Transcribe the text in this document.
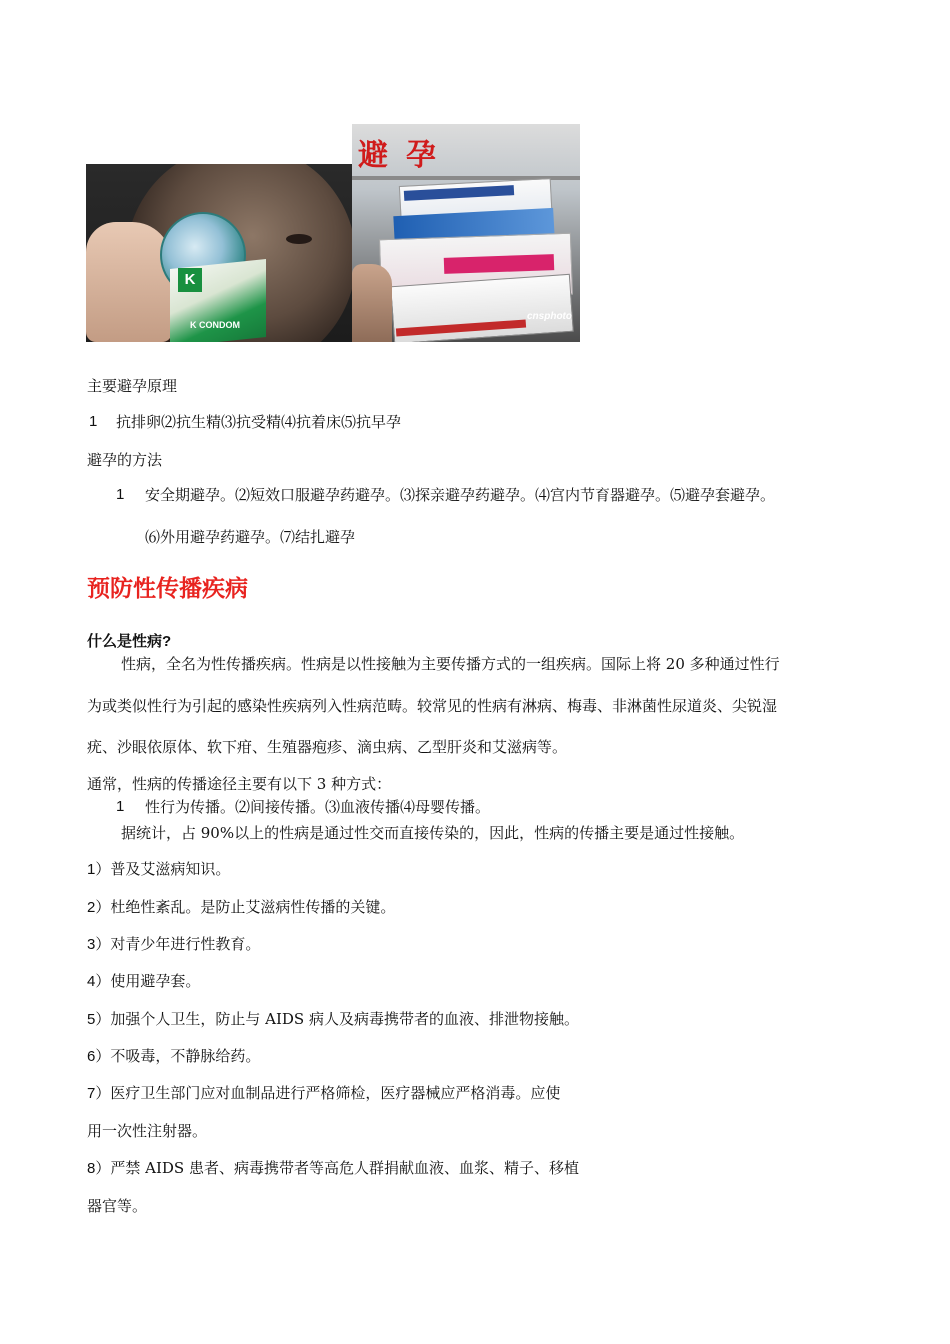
K
K CONDOM
避孕
cnsphoto
主要避孕原理
1 抗排卵⑵抗生精⑶抗受精⑷抗着床⑸抗早孕
避孕的方法
1 安全期避孕。⑵短效口服避孕药避孕。⑶探亲避孕药避孕。⑷宫内节育器避孕。⑸避孕套避孕。
⑹外用避孕药避孕。⑺结扎避孕
预防性传播疾病
什么是性病?
性病，全名为性传播疾病。性病是以性接触为主要传播方式的一组疾病。国际上将 20 多种通过性行
为或类似性行为引起的感染性疾病列入性病范畴。较常见的性病有淋病、梅毒、非淋菌性尿道炎、尖锐湿
疣、沙眼依原体、软下疳、生殖器疱疹、滴虫病、乙型肝炎和艾滋病等。
通常，性病的传播途径主要有以下 3 种方式：
1 性行为传播。⑵间接传播。⑶血液传播⑷母婴传播。
据统计，占 90%以上的性病是通过性交而直接传染的，因此，性病的传播主要是通过性接触。
1）普及艾滋病知识。
2）杜绝性紊乱。是防止艾滋病性传播的关键。
3）对青少年进行性教育。
4）使用避孕套。
5）加强个人卫生，防止与 AIDS 病人及病毒携带者的血液、排泄物接触。
6）不吸毒，不静脉给药。
7）医疗卫生部门应对血制品进行严格筛检，医疗器械应严格消毒。应使
用一次性注射器。
8）严禁 AIDS 患者、病毒携带者等高危人群捐献血液、血浆、精子、移植
器官等。
